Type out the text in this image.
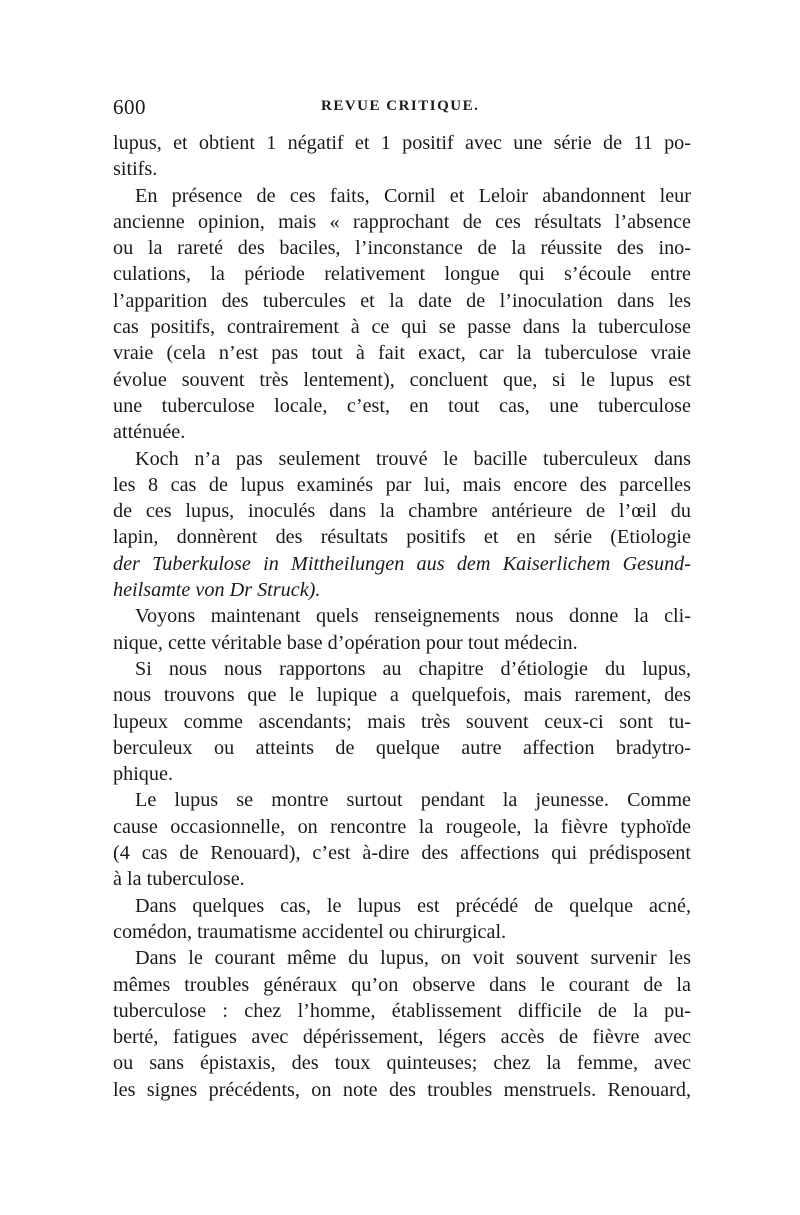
600	REVUE CRITIQUE.
lupus, et obtient 1 négatif et 1 positif avec une série de 11 po-
sitifs.
En présence de ces faits, Cornil et Leloir abandonnent leur
ancienne opinion, mais « rapprochant de ces résultats l’absence
ou la rareté des baciles, l’inconstance de la réussite des ino-
culations, la période relativement longue qui s’écoule entre
l’apparition des tubercules et la date de l’inoculation dans les
cas positifs, contrairement à ce qui se passe dans la tuberculose
vraie (cela n’est pas tout à fait exact, car la tuberculose vraie
évolue souvent très lentement), concluent que, si le lupus est
une tuberculose locale, c’est, en tout cas, une tuberculose
atténuée.
Koch n’a pas seulement trouvé le bacille tuberculeux dans
les 8 cas de lupus examinés par lui, mais encore des parcelles
de ces lupus, inoculés dans la chambre antérieure de l’œil du
lapin, donnèrent des résultats positifs et en série (Etiologie
der Tuberkulose in Mittheilungen aus dem Kaiserlichem Gesund-
heilsamte von Dr Struck).
Voyons maintenant quels renseignements nous donne la cli-
nique, cette véritable base d’opération pour tout médecin.
Si nous nous rapportons au chapitre d’étiologie du lupus,
nous trouvons que le lupique a quelquefois, mais rarement, des
lupeux comme ascendants; mais très souvent ceux-ci sont tu-
berculeux ou atteints de quelque autre affection bradytro-
phique.
Le lupus se montre surtout pendant la jeunesse. Comme
cause occasionnelle, on rencontre la rougeole, la fièvre typhoïde
(4 cas de Renouard), c’est à-dire des affections qui prédisposent
à la tuberculose.
Dans quelques cas, le lupus est précédé de quelque acné,
comédon, traumatisme accidentel ou chirurgical.
Dans le courant même du lupus, on voit souvent survenir les
mêmes troubles généraux qu’on observe dans le courant de la
tuberculose : chez l’homme, établissement difficile de la pu-
berté, fatigues avec dépérissement, légers accès de fièvre avec
ou sans épistaxis, des toux quinteuses; chez la femme, avec
les signes précédents, on note des troubles menstruels. Renouard,
